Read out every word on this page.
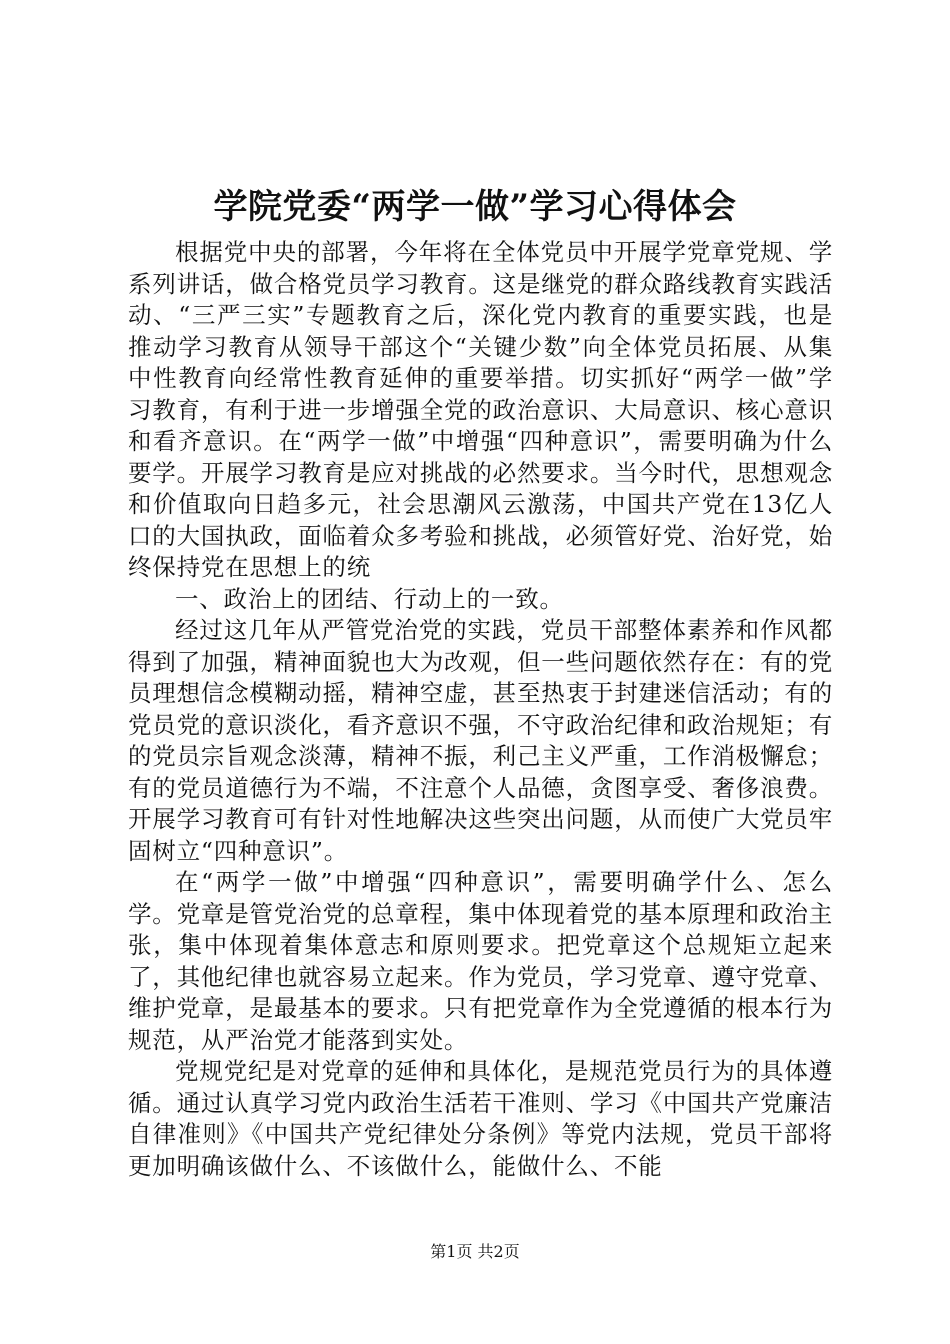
学院党委“两学一做”学习心得体会

根据党中央的部署，今年将在全体党员中开展学党章党规、学系列讲话，做合格党员学习教育。这是继党的群众路线教育实践活动、“三严三实”专题教育之后，深化党内教育的重要实践，也是推动学习教育从领导干部这个“关键少数”向全体党员拓展、从集中性教育向经常性教育延伸的重要举措。切实抓好“两学一做”学习教育，有利于进一步增强全党的政治意识、大局意识、核心意识和看齐意识。在“两学一做”中增强“四种意识”，需要明确为什么要学。开展学习教育是应对挑战的必然要求。当今时代，思想观念和价值取向日趋多元，社会思潮风云激荡，中国共产党在13亿人口的大国执政，面临着众多考验和挑战，必须管好党、治好党，始终保持党在思想上的统

一、政治上的团结、行动上的一致。

经过这几年从严管党治党的实践，党员干部整体素养和作风都得到了加强，精神面貌也大为改观，但一些问题依然存在：有的党员理想信念模糊动摇，精神空虚，甚至热衷于封建迷信活动；有的党员党的意识淡化，看齐意识不强，不守政治纪律和政治规矩；有的党员宗旨观念淡薄，精神不振，利己主义严重，工作消极懈怠；有的党员道德行为不端，不注意个人品德，贪图享受、奢侈浪费。开展学习教育可有针对性地解决这些突出问题，从而使广大党员牢固树立“四种意识”。

在“两学一做”中增强“四种意识”，需要明确学什么、怎么学。党章是管党治党的总章程，集中体现着党的基本原理和政治主张，集中体现着集体意志和原则要求。把党章这个总规矩立起来了，其他纪律也就容易立起来。作为党员，学习党章、遵守党章、维护党章，是最基本的要求。只有把党章作为全党遵循的根本行为规范，从严治党才能落到实处。

党规党纪是对党章的延伸和具体化，是规范党员行为的具体遵循。通过认真学习党内政治生活若干准则、学习《中国共产党廉洁自律准则》《中国共产党纪律处分条例》等党内法规，党员干部将更加明确该做什么、不该做什么，能做什么、不能

第1页 共2页
